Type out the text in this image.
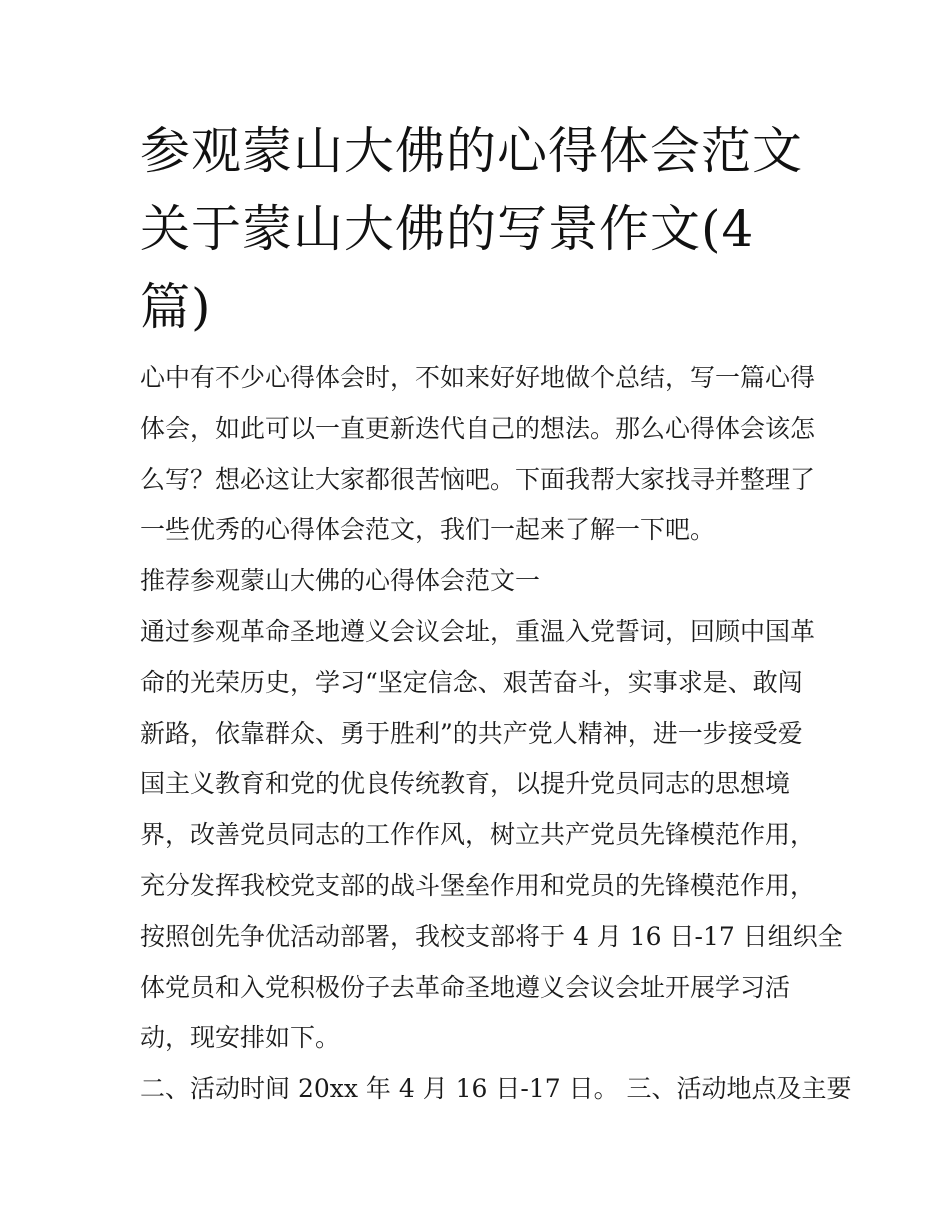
参观蒙山大佛的心得体会范文
关于蒙山大佛的写景作文(4
篇)

心中有不少心得体会时，不如来好好地做个总结，写一篇心得
体会，如此可以一直更新迭代自己的想法。那么心得体会该怎
么写？想必这让大家都很苦恼吧。下面我帮大家找寻并整理了
一些优秀的心得体会范文，我们一起来了解一下吧。

推荐参观蒙山大佛的心得体会范文一

通过参观革命圣地遵义会议会址，重温入党誓词，回顾中国革
命的光荣历史，学习“坚定信念、艰苦奋斗，实事求是、敢闯
新路，依靠群众、勇于胜利”的共产党人精神，进一步接受爱
国主义教育和党的优良传统教育，以提升党员同志的思想境
界，改善党员同志的工作作风，树立共产党员先锋模范作用，
充分发挥我校党支部的战斗堡垒作用和党员的先锋模范作用，
按照创先争优活动部署，我校支部将于 4 月 16 日-17 日组织全
体党员和入党积极份子去革命圣地遵义会议会址开展学习活
动，现安排如下。

二、活动时间 20xx 年 4 月 16 日-17 日。 三、活动地点及主要
